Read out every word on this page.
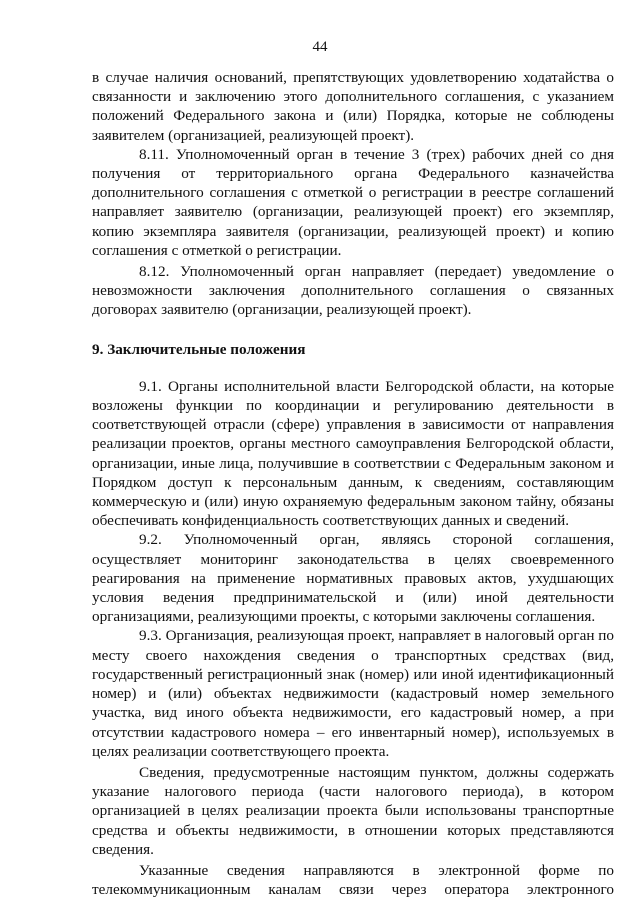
44

в случае наличия оснований, препятствующих удовлетворению ходатайства о связанности и заключению этого дополнительного соглашения, с указанием положений Федерального закона и (или) Порядка, которые не соблюдены заявителем (организацией, реализующей проект).

8.11. Уполномоченный орган в течение 3 (трех) рабочих дней со дня получения от территориального органа Федерального казначейства дополнительного соглашения с отметкой о регистрации в реестре соглашений направляет заявителю (организации, реализующей проект) его экземпляр, копию экземпляра заявителя (организации, реализующей проект) и копию соглашения с отметкой о регистрации.

8.12. Уполномоченный орган направляет (передает) уведомление о невозможности заключения дополнительного соглашения о связанных договорах заявителю (организации, реализующей проект).

9. Заключительные положения

9.1. Органы исполнительной власти Белгородской области, на которые возложены функции по координации и регулированию деятельности в соответствующей отрасли (сфере) управления в зависимости от направления реализации проектов, органы местного самоуправления Белгородской области, организации, иные лица, получившие в соответствии с Федеральным законом и Порядком доступ к персональным данным, к сведениям, составляющим коммерческую и (или) иную охраняемую федеральным законом тайну, обязаны обеспечивать конфиденциальность соответствующих данных и сведений.

9.2. Уполномоченный орган, являясь стороной соглашения, осуществляет мониторинг законодательства в целях своевременного реагирования на применение нормативных правовых актов, ухудшающих условия ведения предпринимательской и (или) иной деятельности организациями, реализующими проекты, с которыми заключены соглашения.

9.3. Организация, реализующая проект, направляет в налоговый орган по месту своего нахождения сведения о транспортных средствах (вид, государственный регистрационный знак (номер) или иной идентификационный номер) и (или) объектах недвижимости (кадастровый номер земельного участка, вид иного объекта недвижимости, его кадастровый номер, а при отсутствии кадастрового номера – его инвентарный номер), используемых в целях реализации соответствующего проекта.

Сведения, предусмотренные настоящим пунктом, должны содержать указание налогового периода (части налогового периода), в котором организацией в целях реализации проекта были использованы транспортные средства и объекты недвижимости, в отношении которых представляются сведения.

Указанные сведения направляются в электронной форме по телекоммуникационным каналам связи через оператора электронного
